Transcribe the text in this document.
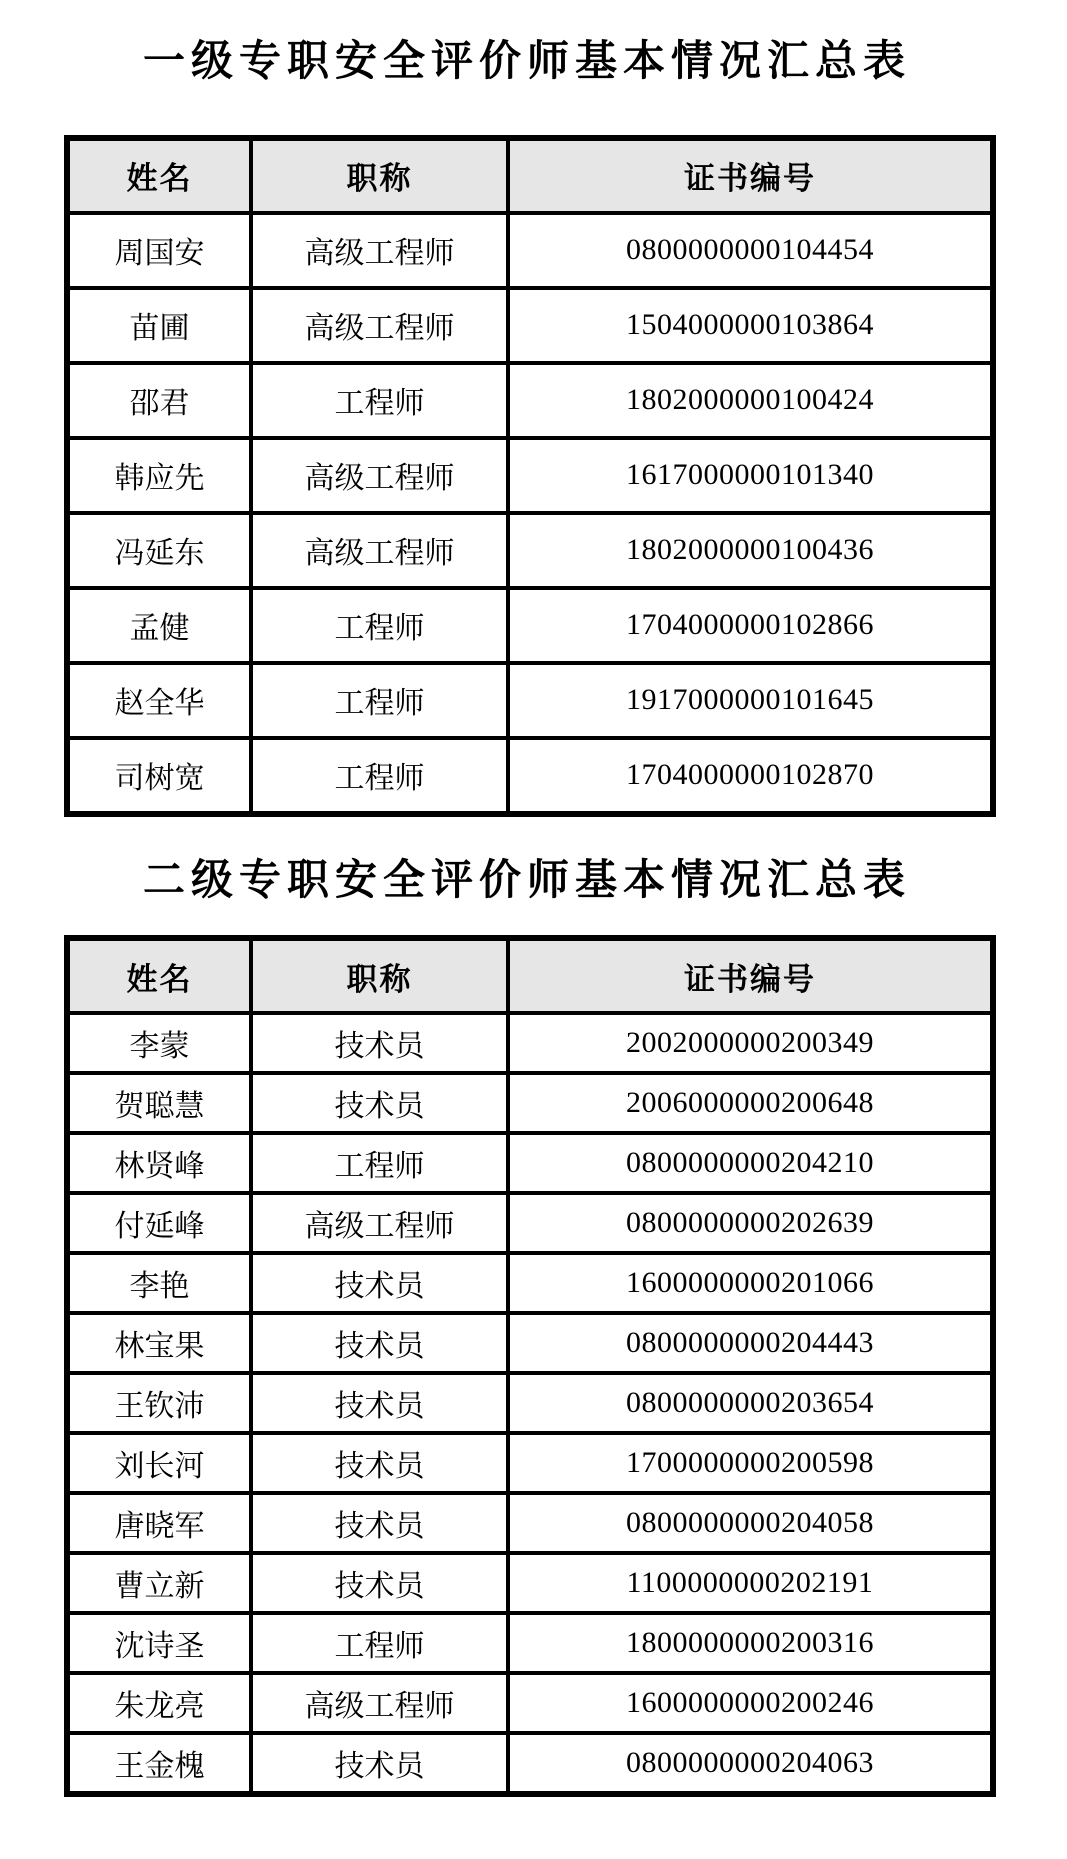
一级专职安全评价师基本情况汇总表
姓名	职称	证书编号
周国安	高级工程师	0800000000104454
苗圃	高级工程师	1504000000103864
邵君	工程师	1802000000100424
韩应先	高级工程师	1617000000101340
冯延东	高级工程师	1802000000100436
孟健	工程师	1704000000102866
赵全华	工程师	1917000000101645
司树宽	工程师	1704000000102870
二级专职安全评价师基本情况汇总表
姓名	职称	证书编号
李蒙	技术员	2002000000200349
贺聪慧	技术员	2006000000200648
林贤峰	工程师	0800000000204210
付延峰	高级工程师	0800000000202639
李艳	技术员	1600000000201066
林宝果	技术员	0800000000204443
王钦沛	技术员	0800000000203654
刘长河	技术员	1700000000200598
唐晓军	技术员	0800000000204058
曹立新	技术员	1100000000202191
沈诗圣	工程师	1800000000200316
朱龙亮	高级工程师	1600000000200246
王金槐	技术员	0800000000204063
